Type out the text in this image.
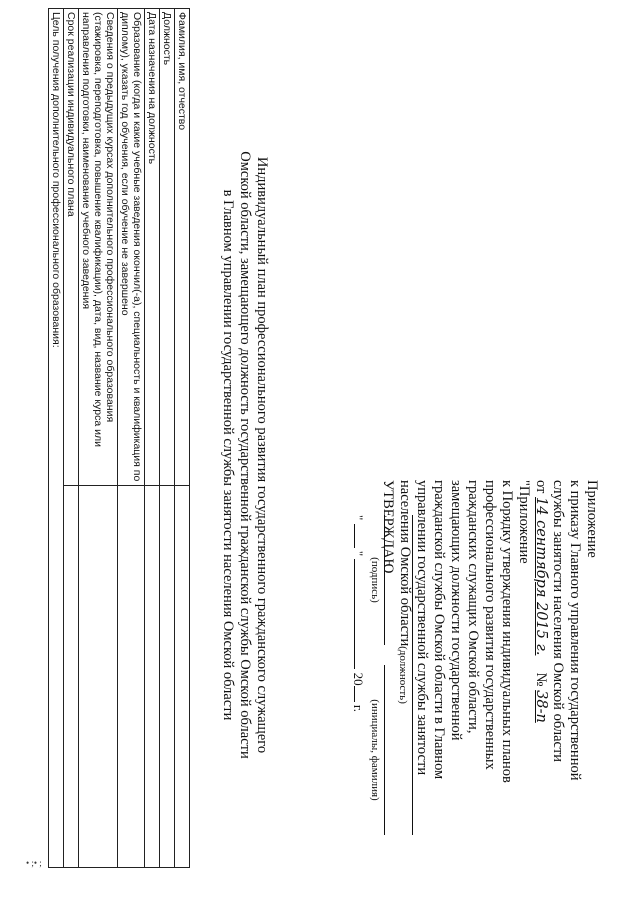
• ;• ;
Приложение
к приказу Главного управления государственной
службы занятости населения Омской области
от 14 сентября 2015 г. № 38-п
"Приложение
к Порядку утверждения индивидуальных планов
профессионального развития государственных
гражданских служащих Омской области,
замещающих должности государственной
гражданской службы Омской области в Главном
управлении государственной службы занятости
населения Омской области
УТВЕРЖДАЮ
(должность)
(подпись)
(инициалы, фамилия)
"  "  20 г.
Индивидуальный план профессионального развития государственного гражданского служащего
Омской области, замещающего должность государственной гражданской службы Омской области
в Главном управлении государственной службы занятости населения Омской области
Фамилия, имя, отчество	
Должность	
Дата назначения на должность	
Образование (когда и какие учебные заведения окончил(-а), специальность и квалификация по диплому), указать год обучения, если обучение не завершено	
Сведения о предыдущих курсах дополнительного профессионального образования (стажировка, переподготовка, повышение квалификации), дата, вид, название курса или направления подготовки, наименование учебного заведения	
Срок реализации индивидуального плана	
Цель получения дополнительного профессионального образования:	
